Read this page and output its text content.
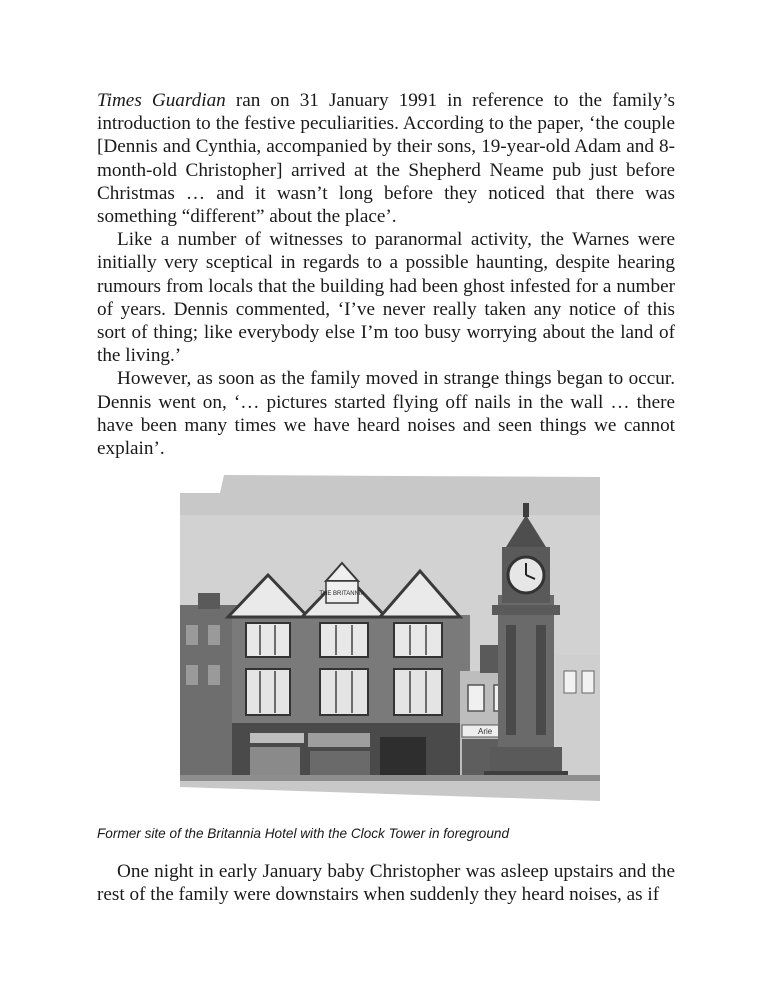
Times Guardian ran on 31 January 1991 in reference to the family’s introduction to the festive peculiarities. According to the paper, ‘the couple [Dennis and Cynthia, accompanied by their sons, 19-year-old Adam and 8-month-old Christopher] arrived at the Shepherd Neame pub just before Christmas … and it wasn’t long before they noticed that there was something “different” about the place’.

Like a number of witnesses to paranormal activity, the Warnes were initially very sceptical in regards to a possible haunting, despite hearing rumours from locals that the building had been ghost infested for a number of years. Dennis commented, ‘I’ve never really taken any notice of this sort of thing; like everybody else I’m too busy worrying about the land of the living.’

However, as soon as the family moved in strange things began to occur. Dennis went on, ‘… pictures started flying off nails in the wall … there have been many times we have heard noises and seen things we cannot explain’.

THE BRITANNIA
Arie

Former site of the Britannia Hotel with the Clock Tower in foreground

One night in early January baby Christopher was asleep upstairs and the rest of the family were downstairs when suddenly they heard noises, as if
